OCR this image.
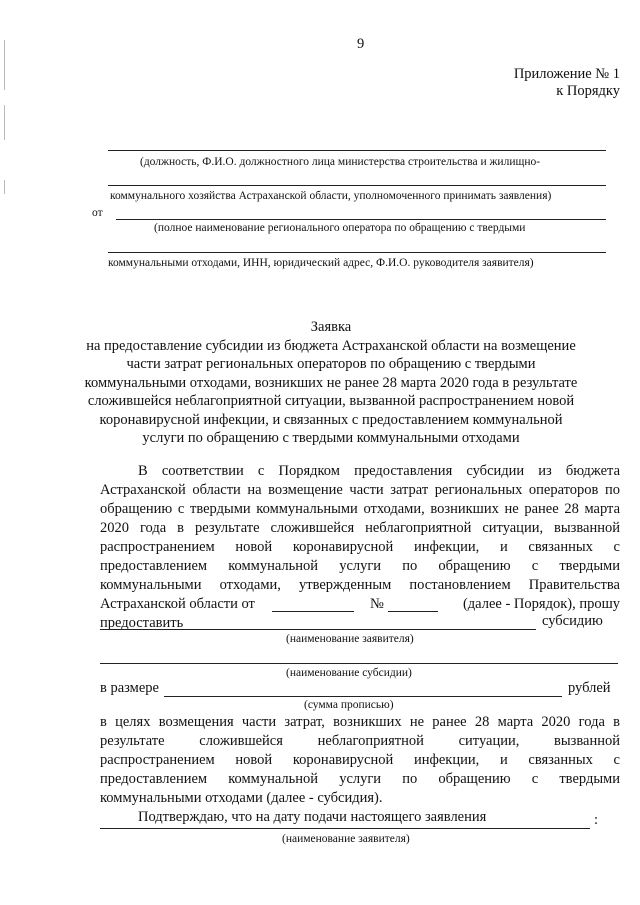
9
Приложение № 1
к Порядку
(должность, Ф.И.О. должностного лица министерства строительства и жилищно-
коммунального хозяйства Астраханской области, уполномоченного принимать заявления)
от
(полное наименование регионального оператора по обращению с твердыми
коммунальными отходами, ИНН, юридический адрес, Ф.И.О. руководителя заявителя)
Заявка
на предоставление субсидии из бюджета Астраханской области на возмещение
части затрат региональных операторов по обращению с твердыми
коммунальными отходами, возникших не ранее 28 марта 2020 года в результате
сложившейся неблагоприятной ситуации, вызванной распространением новой
коронавирусной инфекции, и связанных с предоставлением коммунальной
услуги по обращению с твердыми коммунальными отходами
В соответствии с Порядком предоставления субсидии из бюджета
Астраханской области на возмещение части затрат региональных операторов по
обращению с твердыми коммунальными отходами, возникших не ранее 28 марта
2020 года в результате сложившейся неблагоприятной ситуации, вызванной
распространением новой коронавирусной инфекции, и связанных с
предоставлением коммунальной услуги по обращению с твердыми
коммунальными отходами, утвержденным постановлением Правительства
Астраханской области от	№	(далее - Порядок), прошу
предоставить	субсидию
(наименование заявителя)
(наименование субсидии)
в размере	рублей
(сумма прописью)
в целях возмещения части затрат, возникших не ранее 28 марта 2020 года в
результате сложившейся неблагоприятной ситуации, вызванной
распространением новой коронавирусной инфекции, и связанных с
предоставлением коммунальной услуги по обращению с твердыми
коммунальными отходами (далее - субсидия).
Подтверждаю, что на дату подачи настоящего заявления	:
(наименование заявителя)
